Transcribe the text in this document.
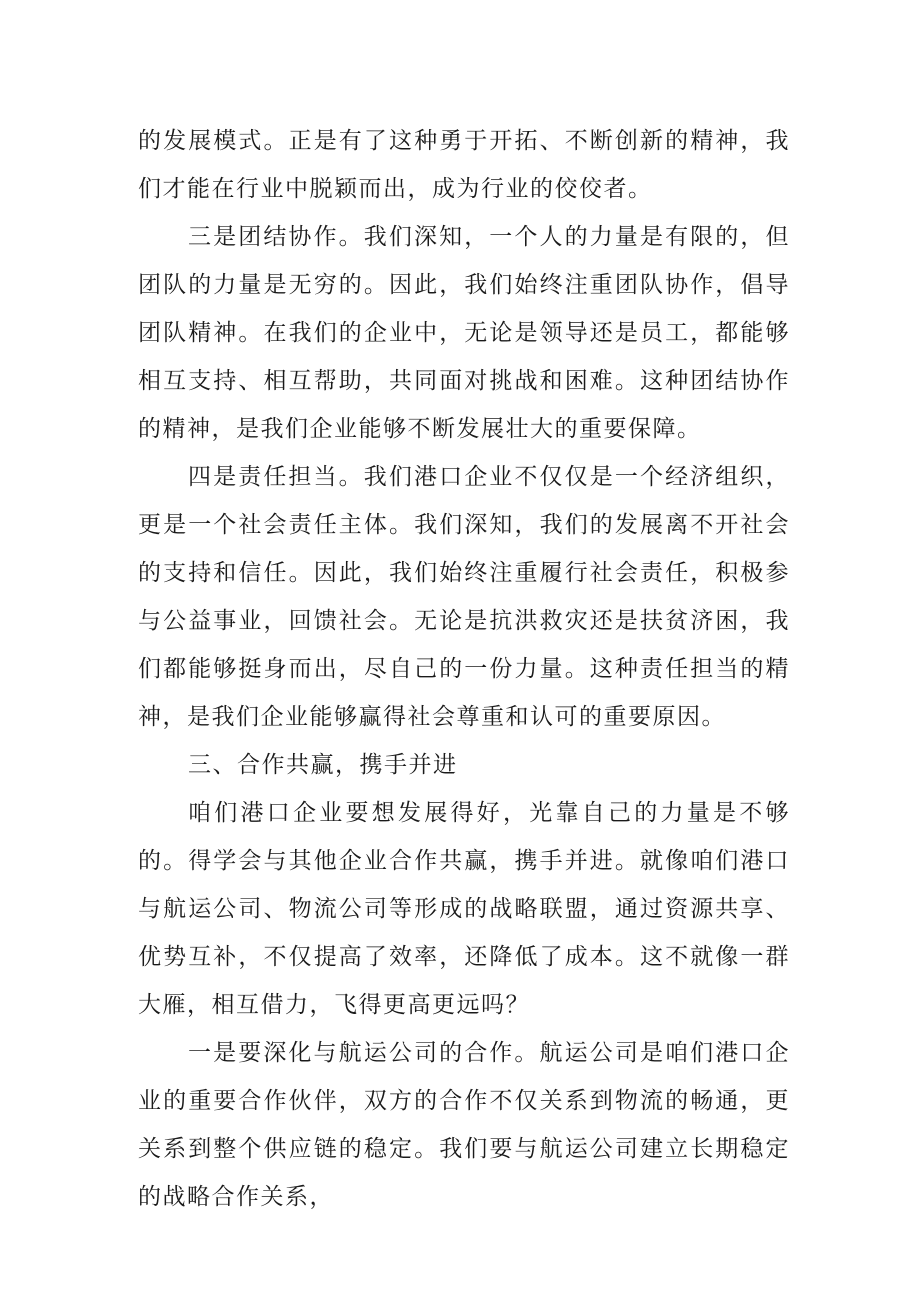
的发展模式。正是有了这种勇于开拓、不断创新的精神，我们才能在行业中脱颖而出，成为行业的佼佼者。

三是团结协作。我们深知，一个人的力量是有限的，但团队的力量是无穷的。因此，我们始终注重团队协作，倡导团队精神。在我们的企业中，无论是领导还是员工，都能够相互支持、相互帮助，共同面对挑战和困难。这种团结协作的精神，是我们企业能够不断发展壮大的重要保障。

四是责任担当。我们港口企业不仅仅是一个经济组织，更是一个社会责任主体。我们深知，我们的发展离不开社会的支持和信任。因此，我们始终注重履行社会责任，积极参与公益事业，回馈社会。无论是抗洪救灾还是扶贫济困，我们都能够挺身而出，尽自己的一份力量。这种责任担当的精神，是我们企业能够赢得社会尊重和认可的重要原因。

三、合作共赢，携手并进

咱们港口企业要想发展得好，光靠自己的力量是不够的。得学会与其他企业合作共赢，携手并进。就像咱们港口与航运公司、物流公司等形成的战略联盟，通过资源共享、优势互补，不仅提高了效率，还降低了成本。这不就像一群大雁，相互借力，飞得更高更远吗？

一是要深化与航运公司的合作。航运公司是咱们港口企业的重要合作伙伴，双方的合作不仅关系到物流的畅通，更关系到整个供应链的稳定。我们要与航运公司建立长期稳定的战略合作关系，
